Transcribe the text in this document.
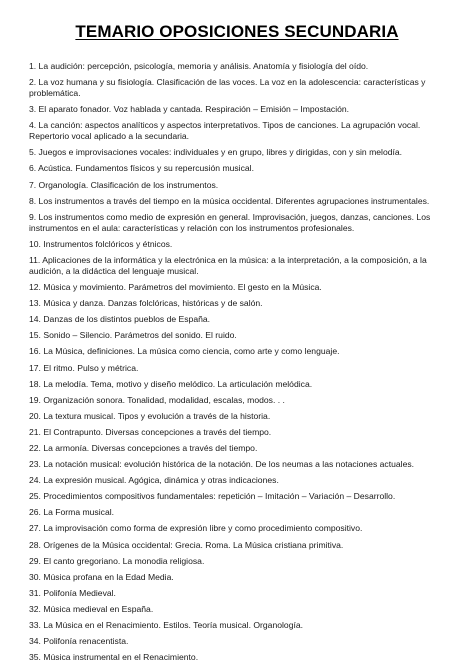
TEMARIO OPOSICIONES SECUNDARIA
1. La audición: percepción, psicología, memoria y análisis. Anatomía y fisiología del oído.
2. La voz humana y su fisiología. Clasificación de las voces. La voz en la adolescencia: características y problemática.
3. El aparato fonador. Voz hablada y cantada. Respiración – Emisión – Impostación.
4. La canción: aspectos analíticos y aspectos interpretativos. Tipos de canciones. La agrupación vocal. Repertorio vocal aplicado a la secundaria.
5. Juegos e improvisaciones vocales: individuales y en grupo, libres y dirigidas, con y sin melodía.
6. Acústica. Fundamentos físicos y su repercusión musical.
7. Organología. Clasificación de los instrumentos.
8. Los instrumentos a través del tiempo en la música occidental. Diferentes agrupaciones instrumentales.
9. Los instrumentos como medio de expresión en general. Improvisación, juegos, danzas, canciones. Los instrumentos en el aula: características y relación con los instrumentos profesionales.
10. Instrumentos folclóricos y étnicos.
11. Aplicaciones de la informática y la electrónica en la música: a la interpretación, a la composición, a la audición, a la didáctica del lenguaje musical.
12. Música y movimiento. Parámetros del movimiento. El gesto en la Música.
13. Música y danza. Danzas folclóricas, históricas y de salón.
14. Danzas de los distintos pueblos de España.
15. Sonido – Silencio. Parámetros del sonido. El ruido.
16. La Música, definiciones. La música como ciencia, como arte y como lenguaje.
17. El ritmo. Pulso y métrica.
18. La melodía. Tema, motivo y diseño melódico. La articulación melódica.
19. Organización sonora. Tonalidad, modalidad, escalas, modos. . .
20. La textura musical. Tipos y evolución a través de la historia.
21. El Contrapunto. Diversas concepciones a través del tiempo.
22. La armonía. Diversas concepciones a través del tiempo.
23. La notación musical: evolución histórica de la notación. De los neumas a las notaciones actuales.
24. La expresión musical. Agógica, dinámica y otras indicaciones.
25. Procedimientos compositivos fundamentales: repetición – Imitación – Variación – Desarrollo.
26. La Forma musical.
27. La improvisación como forma de expresión libre y como procedimiento compositivo.
28. Orígenes de la Música occidental: Grecia. Roma. La Música cristiana primitiva.
29. El canto gregoriano. La monodia religiosa.
30. Música profana en la Edad Media.
31. Polifonía Medieval.
32. Música medieval en España.
33. La Música en el Renacimiento. Estilos. Teoría musical. Organología.
34. Polifonía renacentista.
35. Música instrumental en el Renacimiento.
